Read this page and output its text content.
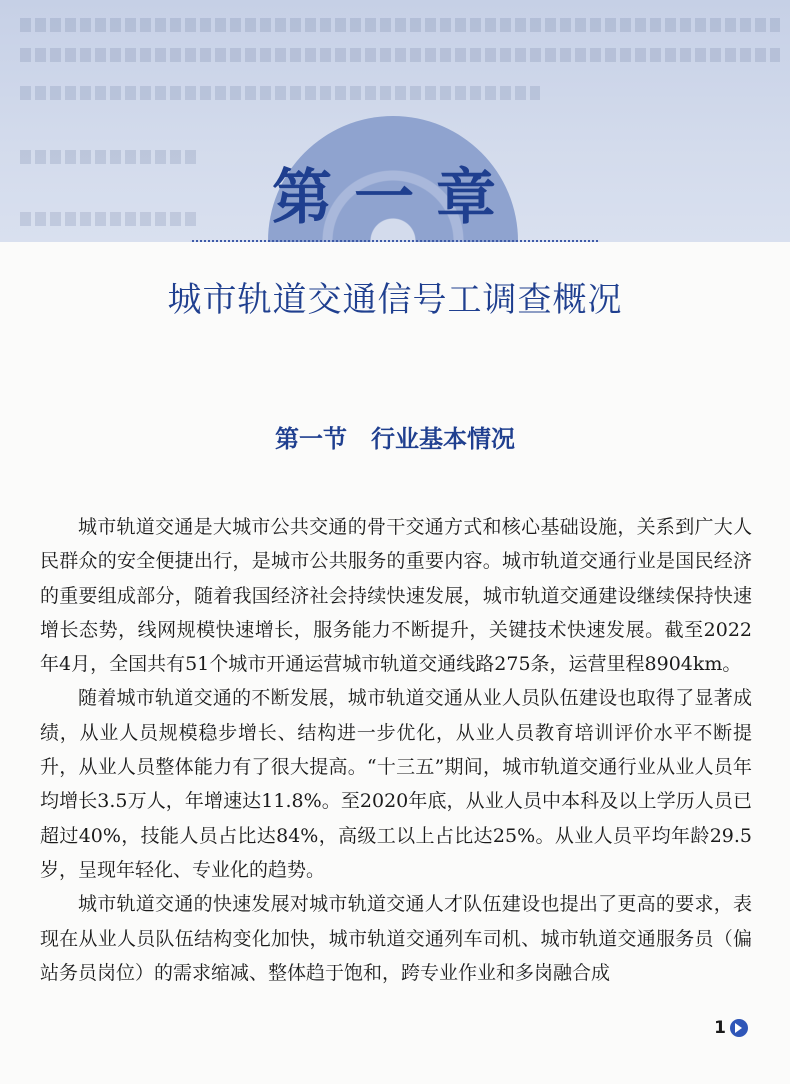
第一章
城市轨道交通信号工调查概况
第一节　行业基本情况

城市轨道交通是大城市公共交通的骨干交通方式和核心基础设施，关系到广大人民群众的安全便捷出行，是城市公共服务的重要内容。城市轨道交通行业是国民经济的重要组成部分，随着我国经济社会持续快速发展，城市轨道交通建设继续保持快速增长态势，线网规模快速增长，服务能力不断提升，关键技术快速发展。截至2022年4月，全国共有51个城市开通运营城市轨道交通线路275条，运营里程8904km。

随着城市轨道交通的不断发展，城市轨道交通从业人员队伍建设也取得了显著成绩，从业人员规模稳步增长、结构进一步优化，从业人员教育培训评价水平不断提升，从业人员整体能力有了很大提高。“十三五”期间，城市轨道交通行业从业人员年均增长3.5万人，年增速达11.8%。至2020年底，从业人员中本科及以上学历人员已超过40%，技能人员占比达84%，高级工以上占比达25%。从业人员平均年龄29.5岁，呈现年轻化、专业化的趋势。

城市轨道交通的快速发展对城市轨道交通人才队伍建设也提出了更高的要求，表现在从业人员队伍结构变化加快，城市轨道交通列车司机、城市轨道交通服务员（偏站务员岗位）的需求缩减、整体趋于饱和，跨专业作业和多岗融合成

1
